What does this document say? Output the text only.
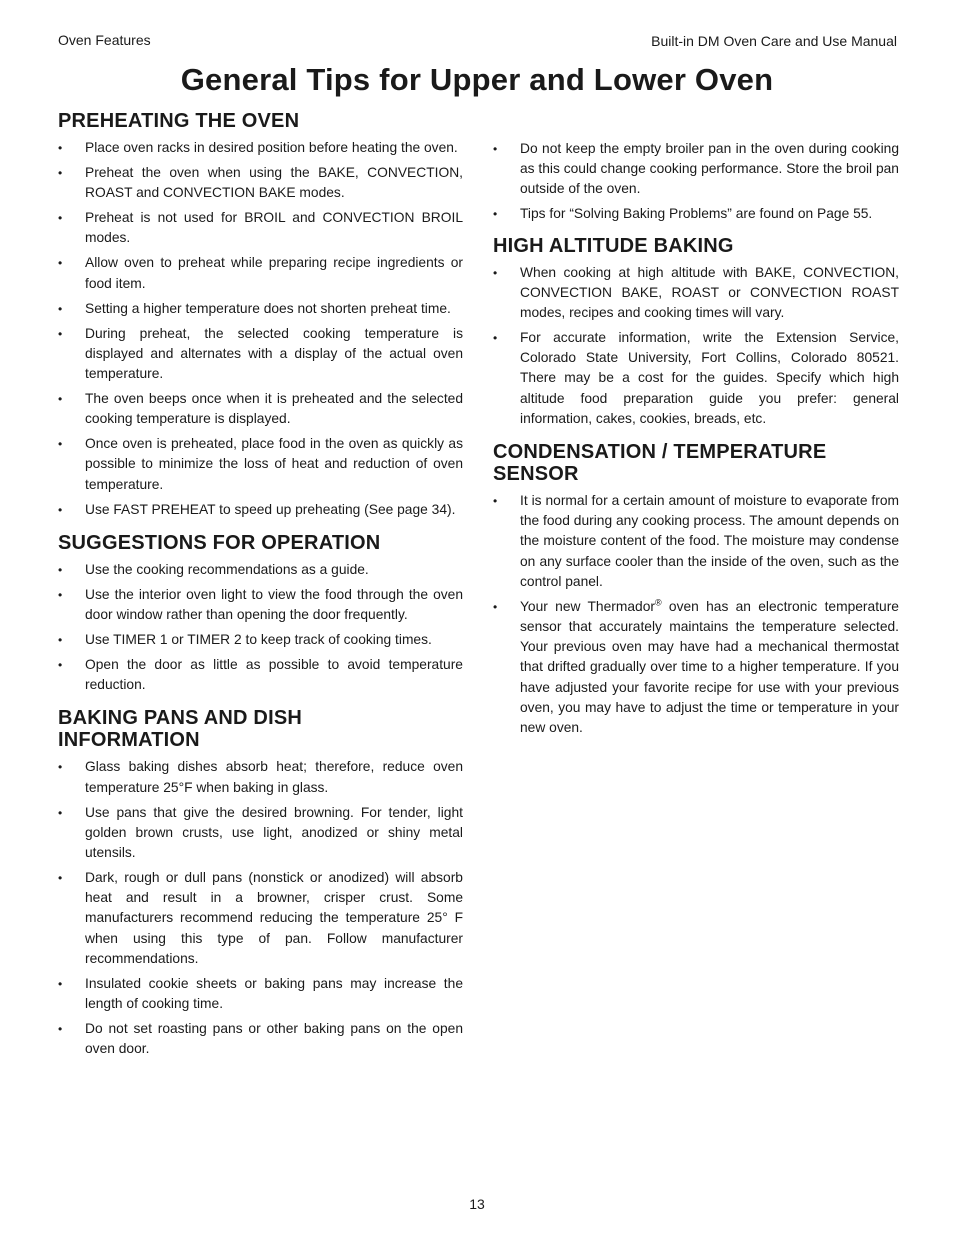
Oven Features	Built-in DM Oven Care and Use Manual
General Tips for Upper and Lower Oven
PREHEATING THE OVEN
• Place oven racks in desired position before heating the oven.
• Preheat the oven when using the BAKE, CONVECTION, ROAST and CONVECTION BAKE modes.
• Preheat is not used for BROIL and CONVECTION BROIL modes.
• Allow oven to preheat while preparing recipe ingredients or food item.
• Setting a higher temperature does not shorten preheat time.
• During preheat, the selected cooking temperature is displayed and alternates with a display of the actual oven temperature.
• The oven beeps once when it is preheated and the selected cooking temperature is displayed.
• Once oven is preheated, place food in the oven as quickly as possible to minimize the loss of heat and reduction of oven temperature.
• Use FAST PREHEAT to speed up preheating (See page 34).
SUGGESTIONS FOR OPERATION
• Use the cooking recommendations as a guide.
• Use the interior oven light to view the food through the oven door window rather than opening the door frequently.
• Use TIMER 1 or TIMER 2 to keep track of cooking times.
• Open the door as little as possible to avoid temperature reduction.
BAKING PANS AND DISH INFORMATION
• Glass baking dishes absorb heat; therefore, reduce oven temperature 25°F when baking in glass.
• Use pans that give the desired browning. For tender, light golden brown crusts, use light, anodized or shiny metal utensils.
• Dark, rough or dull pans (nonstick or anodized) will absorb heat and result in a browner, crisper crust. Some manufacturers recommend reducing the temperature 25° F when using this type of pan. Follow manufacturer recommendations.
• Insulated cookie sheets or baking pans may increase the length of cooking time.
• Do not set roasting pans or other baking pans on the open oven door.
• Do not keep the empty broiler pan in the oven during cooking as this could change cooking performance. Store the broil pan outside of the oven.
• Tips for “Solving Baking Problems” are found on Page 55.
HIGH ALTITUDE BAKING
• When cooking at high altitude with BAKE, CONVECTION, CONVECTION BAKE, ROAST or CONVECTION ROAST modes, recipes and cooking times will vary.
• For accurate information, write the Extension Service, Colorado State University, Fort Collins, Colorado 80521. There may be a cost for the guides. Specify which high altitude food preparation guide you prefer: general information, cakes, cookies, breads, etc.
CONDENSATION / TEMPERATURE SENSOR
• It is normal for a certain amount of moisture to evaporate from the food during any cooking process. The amount depends on the moisture content of the food. The moisture may condense on any surface cooler than the inside of the oven, such as the control panel.
• Your new Thermador® oven has an electronic temperature sensor that accurately maintains the temperature selected. Your previous oven may have had a mechanical thermostat that drifted gradually over time to a higher temperature. If you have adjusted your favorite recipe for use with your previous oven, you may have to adjust the time or temperature in your new oven.
13
